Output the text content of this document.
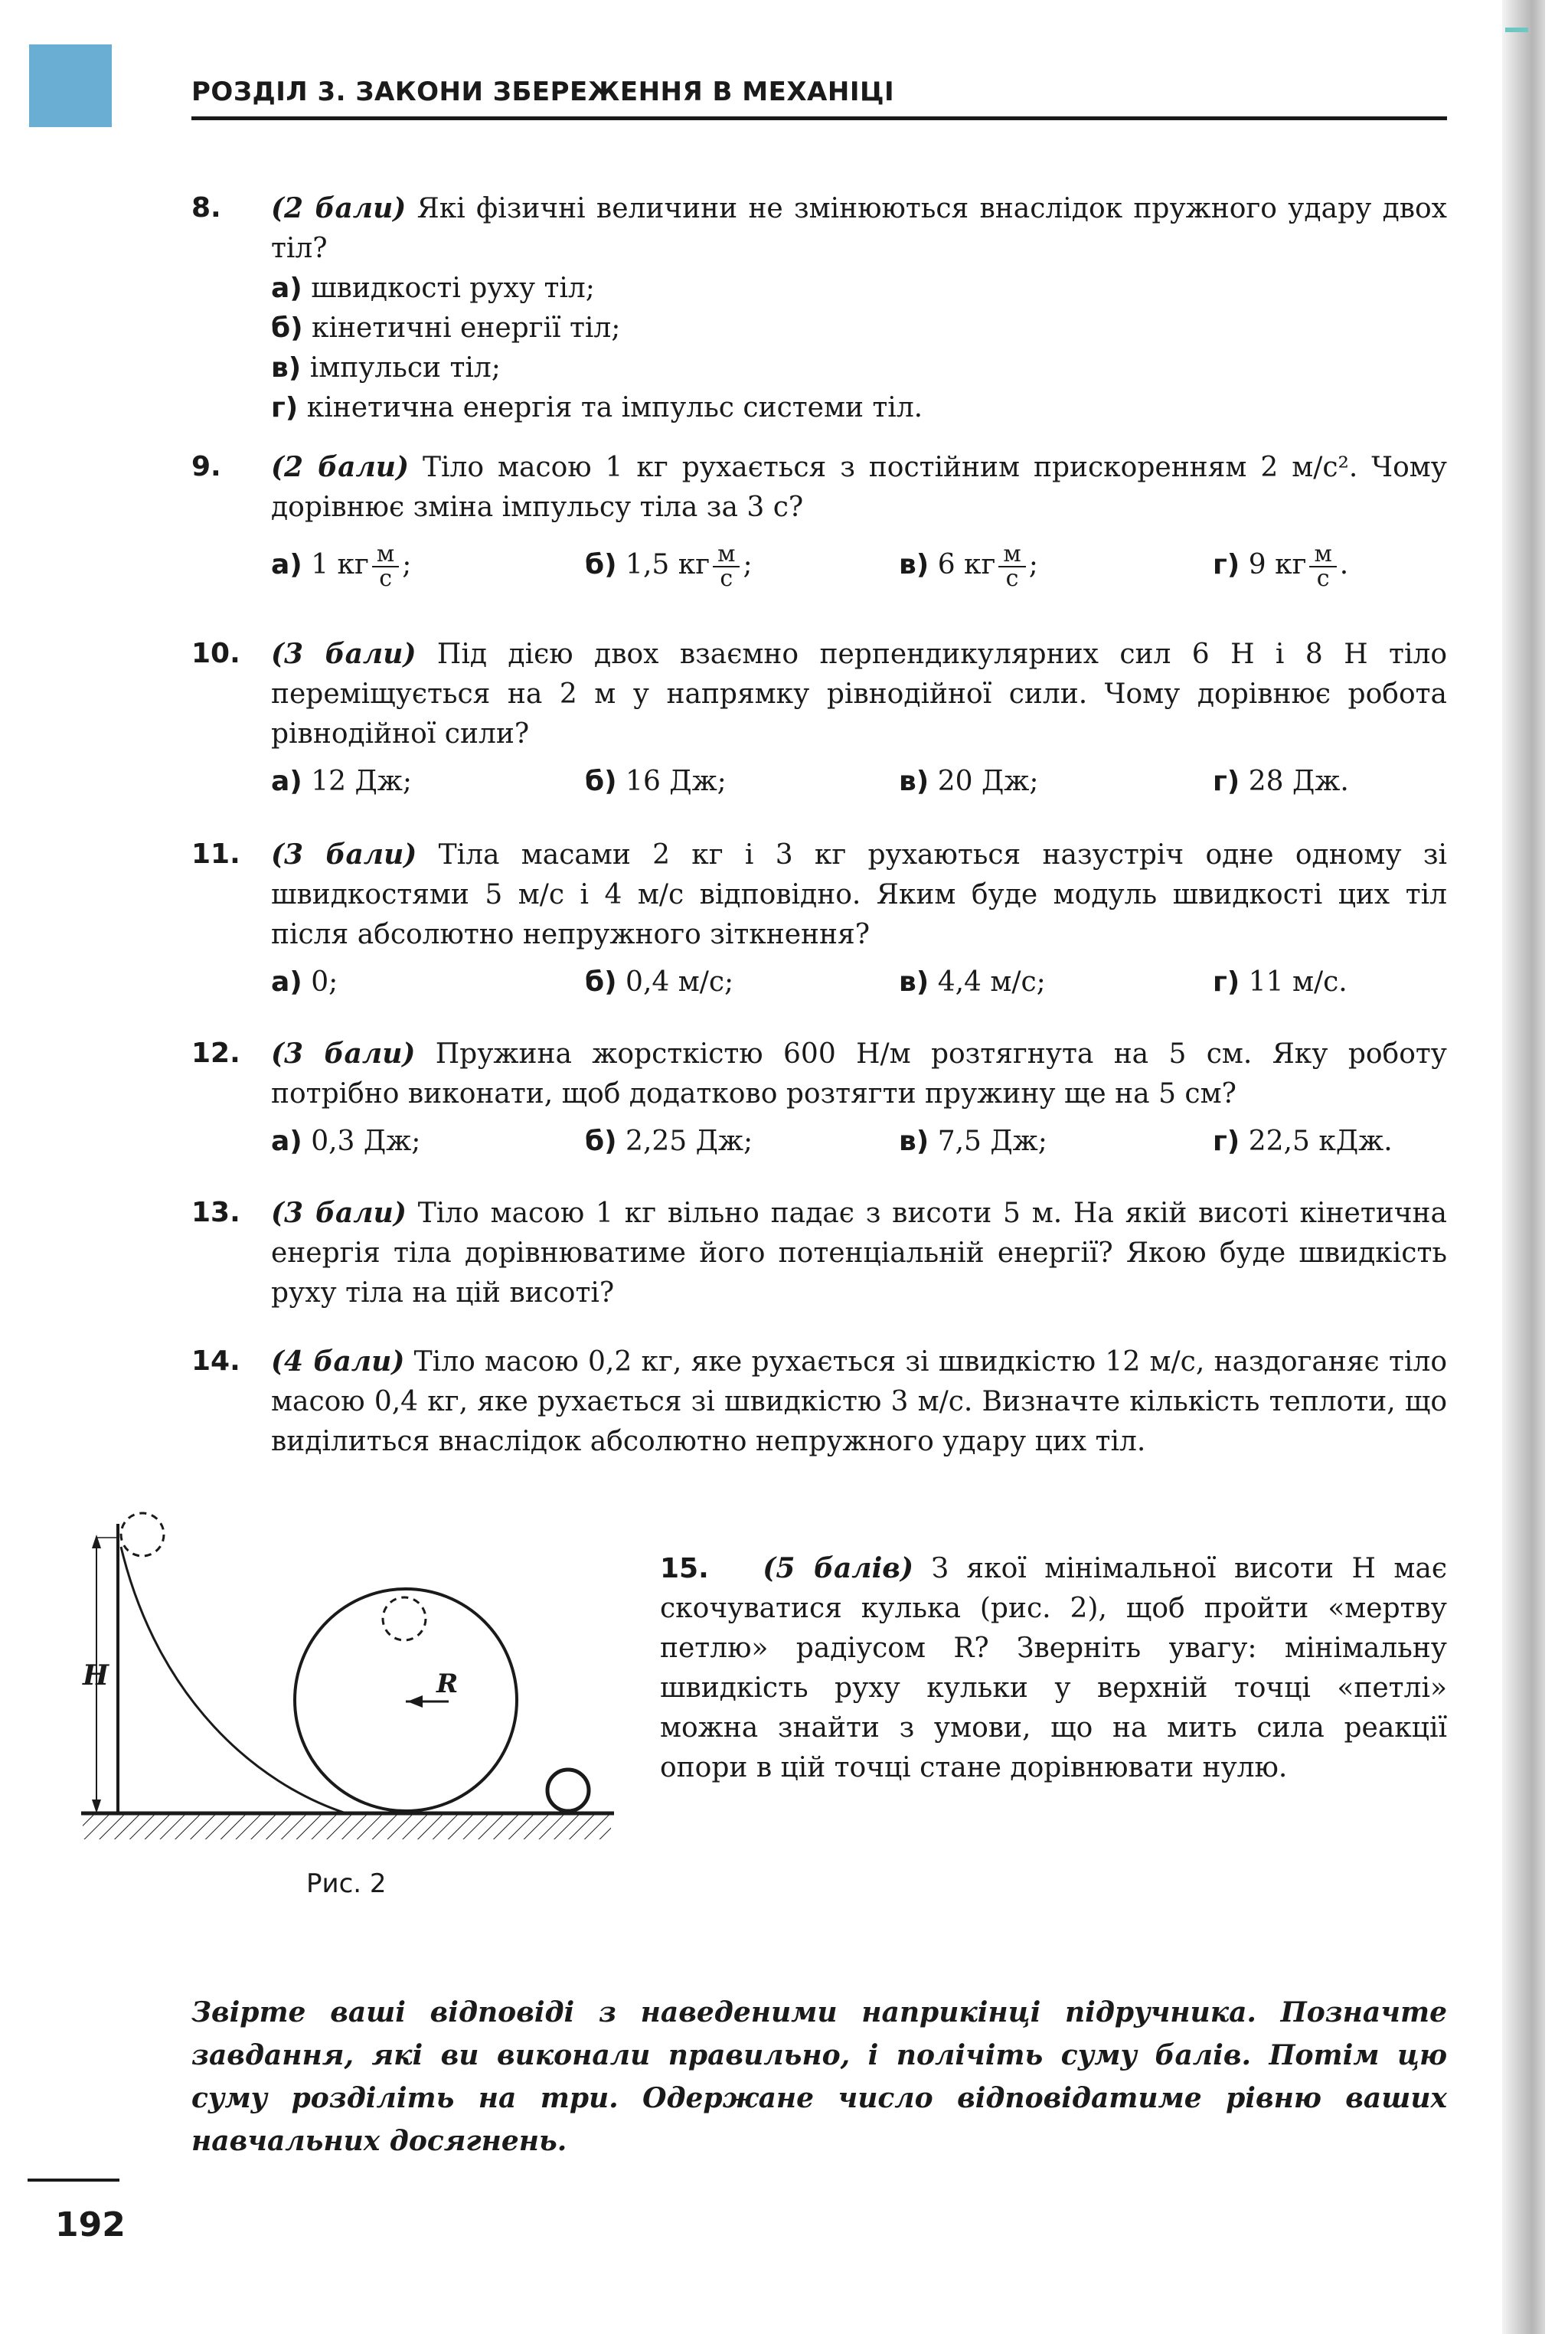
РОЗДІЛ 3. ЗАКОНИ ЗБЕРЕЖЕННЯ В МЕХАНІЦІ
8. (2 бали) Які фізичні величини не змінюються внаслідок пружного удару двох тіл?
а) швидкості руху тіл;
б) кінетичні енергії тіл;
в) імпульси тіл;
г) кінетична енергія та імпульс системи тіл.
9. (2 бали) Тіло масою 1 кг рухається з постійним прискоренням 2 м/с². Чому дорівнює зміна імпульсу тіла за 3 с?
а) 1 кг $\frac{м}{с}$ ;	б) 1,5 кг $\frac{м}{с}$ ;	в) 6 кг $\frac{м}{с}$ ;	г) 9 кг $\frac{м}{с}$ .
10. (3 бали) Під дією двох взаємно перпендикулярних сил 6 Н і 8 Н тіло переміщується на 2 м у напрямку рівнодійної сили. Чому дорівнює робота рівнодійної сили?
а) 12 Дж;	б) 16 Дж;	в) 20 Дж;	г) 28 Дж.
11. (3 бали) Тіла масами 2 кг і 3 кг рухаються назустріч одне одному зі швидкостями 5 м/с і 4 м/с відповідно. Яким буде модуль швидкості цих тіл після абсолютно непружного зіткнення?
а) 0;	б) 0,4 м/с;	в) 4,4 м/с;	г) 11 м/с.
12. (3 бали) Пружина жорсткістю 600 Н/м розтягнута на 5 см. Яку роботу потрібно виконати, щоб додатково розтягти пружину ще на 5 см?
а) 0,3 Дж;	б) 2,25 Дж;	в) 7,5 Дж;	г) 22,5 кДж.
13. (3 бали) Тіло масою 1 кг вільно падає з висоти 5 м. На якій висоті кінетична енергія тіла дорівнюватиме його потенціальній енергії? Якою буде швидкість руху тіла на цій висоті?
14. (4 бали) Тіло масою 0,2 кг, яке рухається зі швидкістю 12 м/с, наздоганяє тіло масою 0,4 кг, яке рухається зі швидкістю 3 м/с. Визначте кількість теплоти, що виділиться внаслідок абсолютно непружного удару цих тіл.
H	R
Рис. 2
15. (5 балів) З якої мінімальної висоти H має скочуватися кулька (рис. 2), щоб пройти «мертву петлю» радіусом R? Зверніть увагу: мінімальну швидкість руху кульки у верхній точці «петлі» можна знайти з умови, що на мить сила реакції опори в цій точці стане дорівнювати нулю.
Звірте ваші відповіді з наведеними наприкінці підручника. Позначте завдання, які ви виконали правильно, і полічіть суму балів. Потім цю суму розділіть на три. Одержане число відповідатиме рівню ваших навчальних досягнень.
192
